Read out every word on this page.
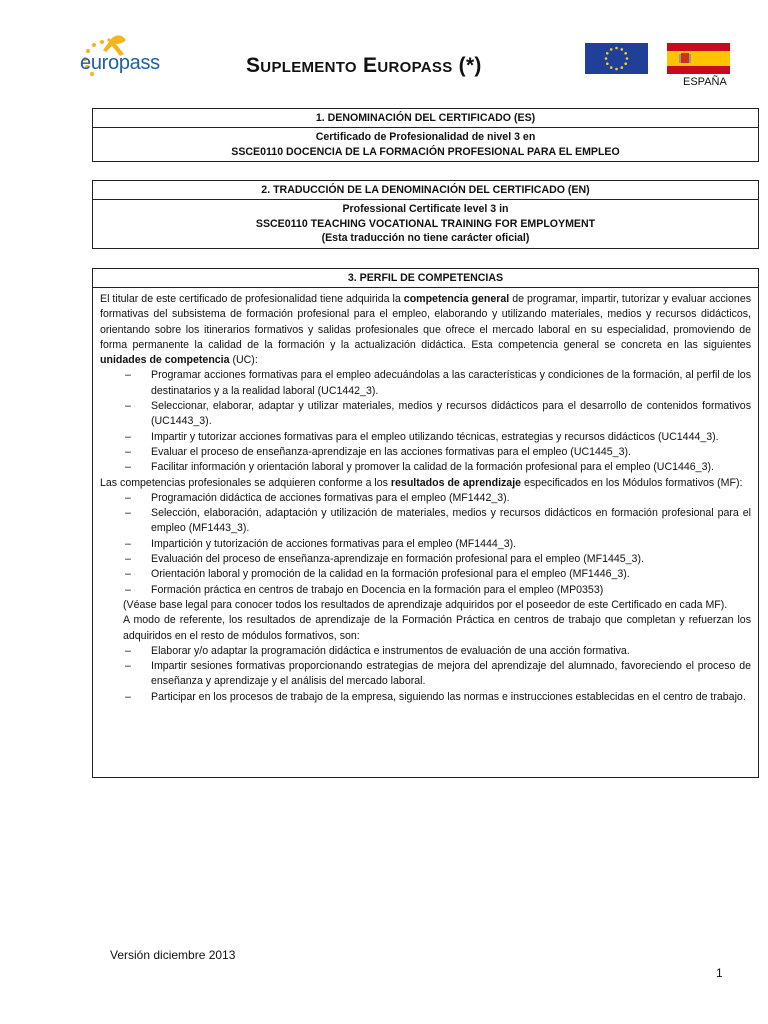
europass	Suplemento Europass (*)
ESPAÑA
1. DENOMINACIÓN DEL CERTIFICADO (ES)
Certificado de Profesionalidad de nivel 3 en
SSCE0110 DOCENCIA DE LA FORMACIÓN PROFESIONAL PARA EL EMPLEO
2. TRADUCCIÓN DE LA DENOMINACIÓN DEL CERTIFICADO (EN)
Professional Certificate level 3 in
SSCE0110 TEACHING VOCATIONAL TRAINING FOR EMPLOYMENT
(Esta traducción no tiene carácter oficial)
3. PERFIL DE COMPETENCIAS

El titular de este certificado de profesionalidad tiene adquirida la competencia general de programar, impartir, tutorizar y evaluar acciones formativas del subsistema de formación profesional para el empleo, elaborando y utilizando materiales, medios y recursos didácticos, orientando sobre los itinerarios formativos y salidas profesionales que ofrece el mercado laboral en su especialidad, promoviendo de forma permanente la calidad de la formación y la actualización didáctica. Esta competencia general se concreta en las siguientes unidades de competencia (UC):

– Programar acciones formativas para el empleo adecuándolas a las características y condiciones de la formación, al perfil de los destinatarios y a la realidad laboral (UC1442_3).
– Seleccionar, elaborar, adaptar y utilizar materiales, medios y recursos didácticos para el desarrollo de contenidos formativos (UC1443_3).
– Impartir y tutorizar acciones formativas para el empleo utilizando técnicas, estrategias y recursos didácticos (UC1444_3).
– Evaluar el proceso de enseñanza-aprendizaje en las acciones formativas para el empleo (UC1445_3).
– Facilitar información y orientación laboral y promover la calidad de la formación profesional para el empleo (UC1446_3).

Las competencias profesionales se adquieren conforme a los resultados de aprendizaje especificados en los Módulos formativos (MF):

– Programación didáctica de acciones formativas para el empleo (MF1442_3).
– Selección, elaboración, adaptación y utilización de materiales, medios y recursos didácticos en formación profesional para el empleo (MF1443_3).
– Impartición y tutorización de acciones formativas para el empleo (MF1444_3).
– Evaluación del proceso de enseñanza-aprendizaje en formación profesional para el empleo (MF1445_3).
– Orientación laboral y promoción de la calidad en la formación profesional para el empleo (MF1446_3).
– Formación práctica en centros de trabajo en Docencia en la formación para el empleo (MP0353)

(Véase base legal para conocer todos los resultados de aprendizaje adquiridos por el poseedor de este Certificado en cada MF).

A modo de referente, los resultados de aprendizaje de la Formación Práctica en centros de trabajo que completan y refuerzan los adquiridos en el resto de módulos formativos, son:

– Elaborar y/o adaptar la programación didáctica e instrumentos de evaluación de una acción formativa.
– Impartir sesiones formativas proporcionando estrategias de mejora del aprendizaje del alumnado, favoreciendo el proceso de enseñanza y aprendizaje y el análisis del mercado laboral.
– Participar en los procesos de trabajo de la empresa, siguiendo las normas e instrucciones establecidas en el centro de trabajo.
Versión diciembre 2013
1
